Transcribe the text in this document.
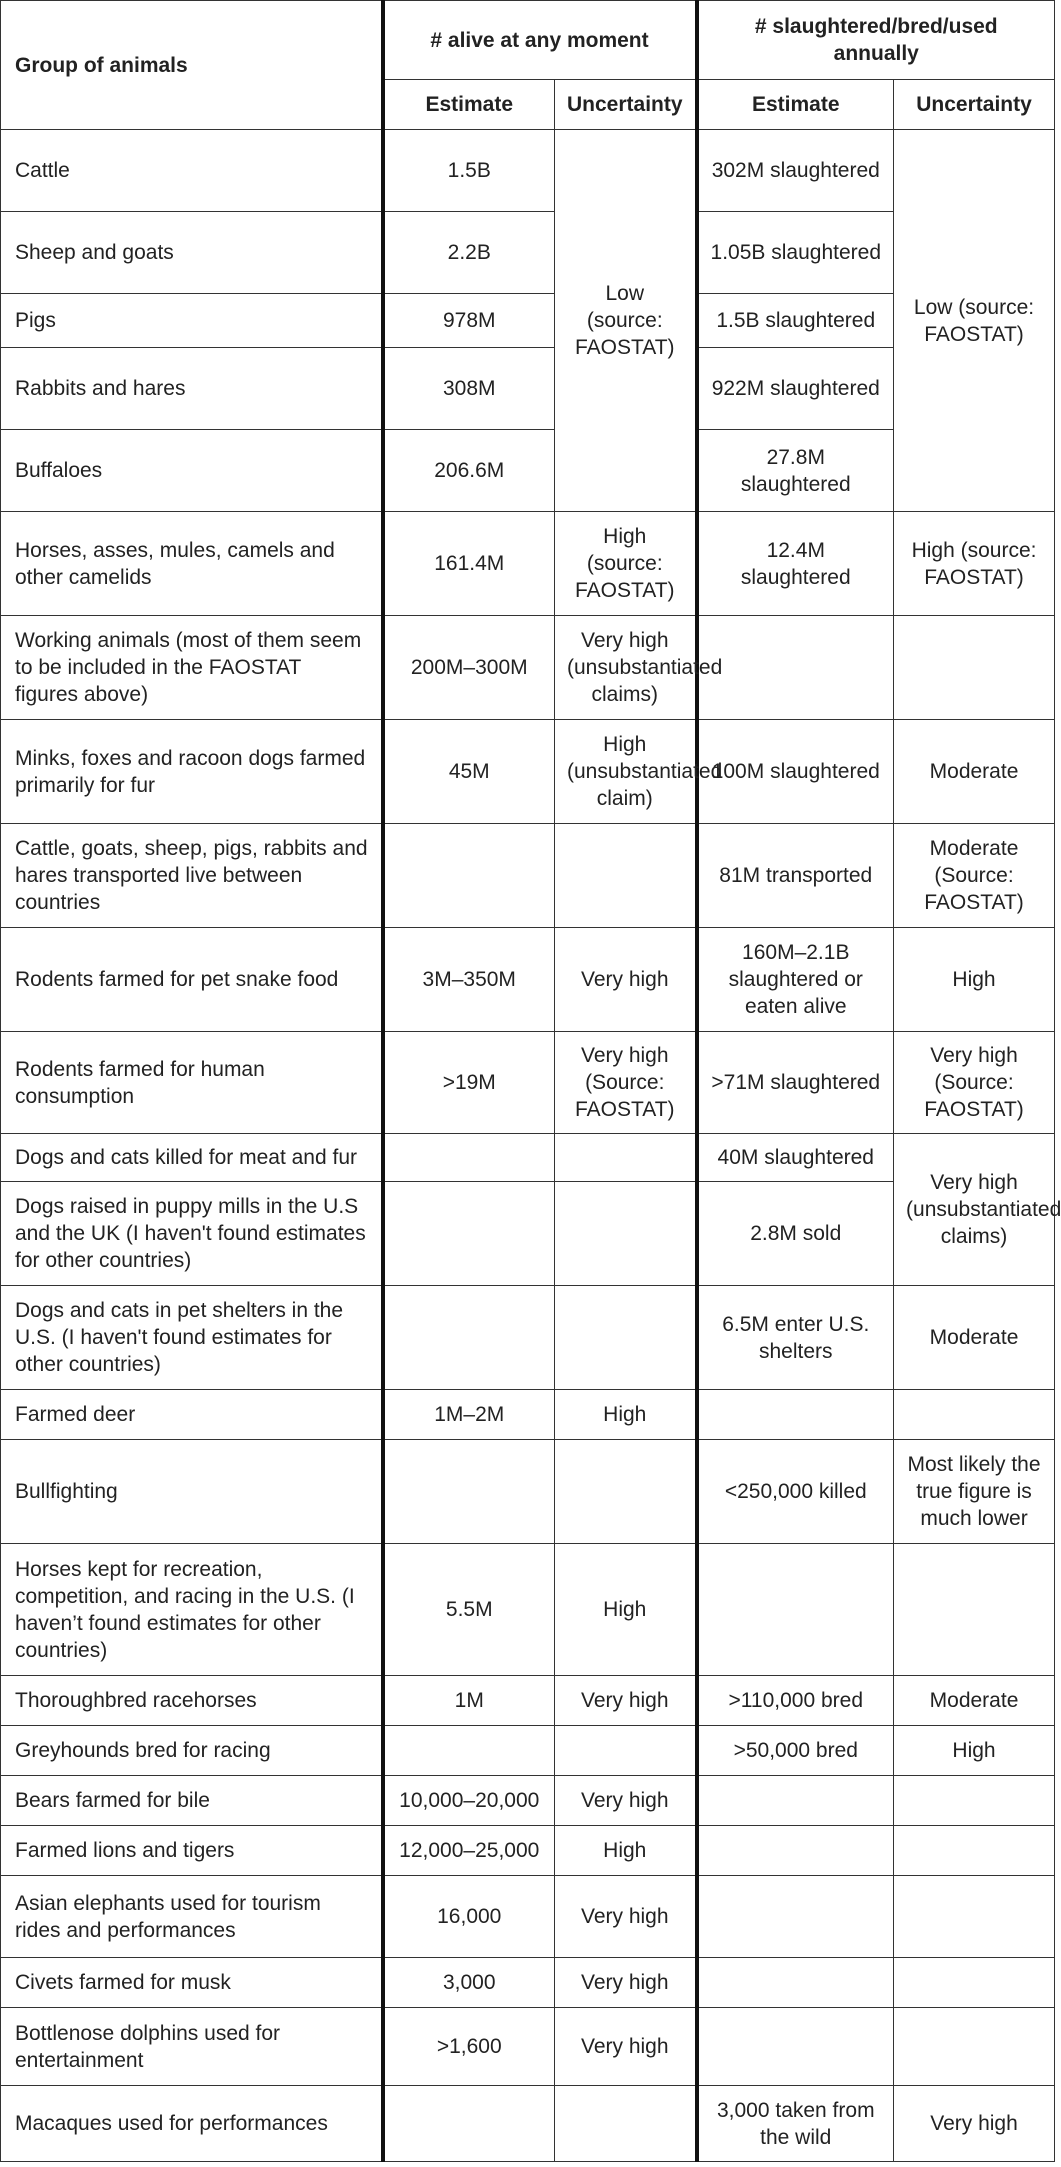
Group of animals	# alive at any moment		# slaughtered/bred/used annually	
	Estimate	Uncertainty	Estimate	Uncertainty
Cattle	1.5B	Low (source: FAOSTAT)	302M slaughtered	Low (source: FAOSTAT)
Sheep and goats	2.2B		1.05B slaughtered	
Pigs	978M		1.5B slaughtered	
Rabbits and hares	308M		922M slaughtered	
Buffaloes	206.6M		27.8M slaughtered	
Horses, asses, mules, camels and other camelids	161.4M	High (source: FAOSTAT)	12.4M slaughtered	High (source: FAOSTAT)
Working animals (most of them seem to be included in the FAOSTAT figures above)	200M–300M	Very high (unsubstantiated claims)		
Minks, foxes and racoon dogs farmed primarily for fur	45M	High (unsubstantiated claim)	100M slaughtered	Moderate
Cattle, goats, sheep, pigs, rabbits and hares transported live between countries			81M transported	Moderate (Source: FAOSTAT)
Rodents farmed for pet snake food	3M–350M	Very high	160M–2.1B slaughtered or eaten alive	High
Rodents farmed for human consumption	>19M	Very high (Source: FAOSTAT)	>71M slaughtered	Very high (Source: FAOSTAT)
Dogs and cats killed for meat and fur			40M slaughtered	Very high (unsubstantiated claims)
Dogs raised in puppy mills in the U.S and the UK (I haven't found estimates for other countries)			2.8M sold	
Dogs and cats in pet shelters in the U.S. (I haven't found estimates for other countries)			6.5M enter U.S. shelters	Moderate
Farmed deer	1M–2M	High		
Bullfighting			<250,000 killed	Most likely the true figure is much lower
Horses kept for recreation, competition, and racing in the U.S. (I haven’t found estimates for other countries)	5.5M	High		
Thoroughbred racehorses	1M	Very high	>110,000 bred	Moderate
Greyhounds bred for racing			>50,000 bred	High
Bears farmed for bile	10,000–20,000	Very high		
Farmed lions and tigers	12,000–25,000	High		
Asian elephants used for tourism rides and performances	16,000	Very high		
Civets farmed for musk	3,000	Very high		
Bottlenose dolphins used for entertainment	>1,600	Very high		
Macaques used for performances			3,000 taken from the wild	Very high
